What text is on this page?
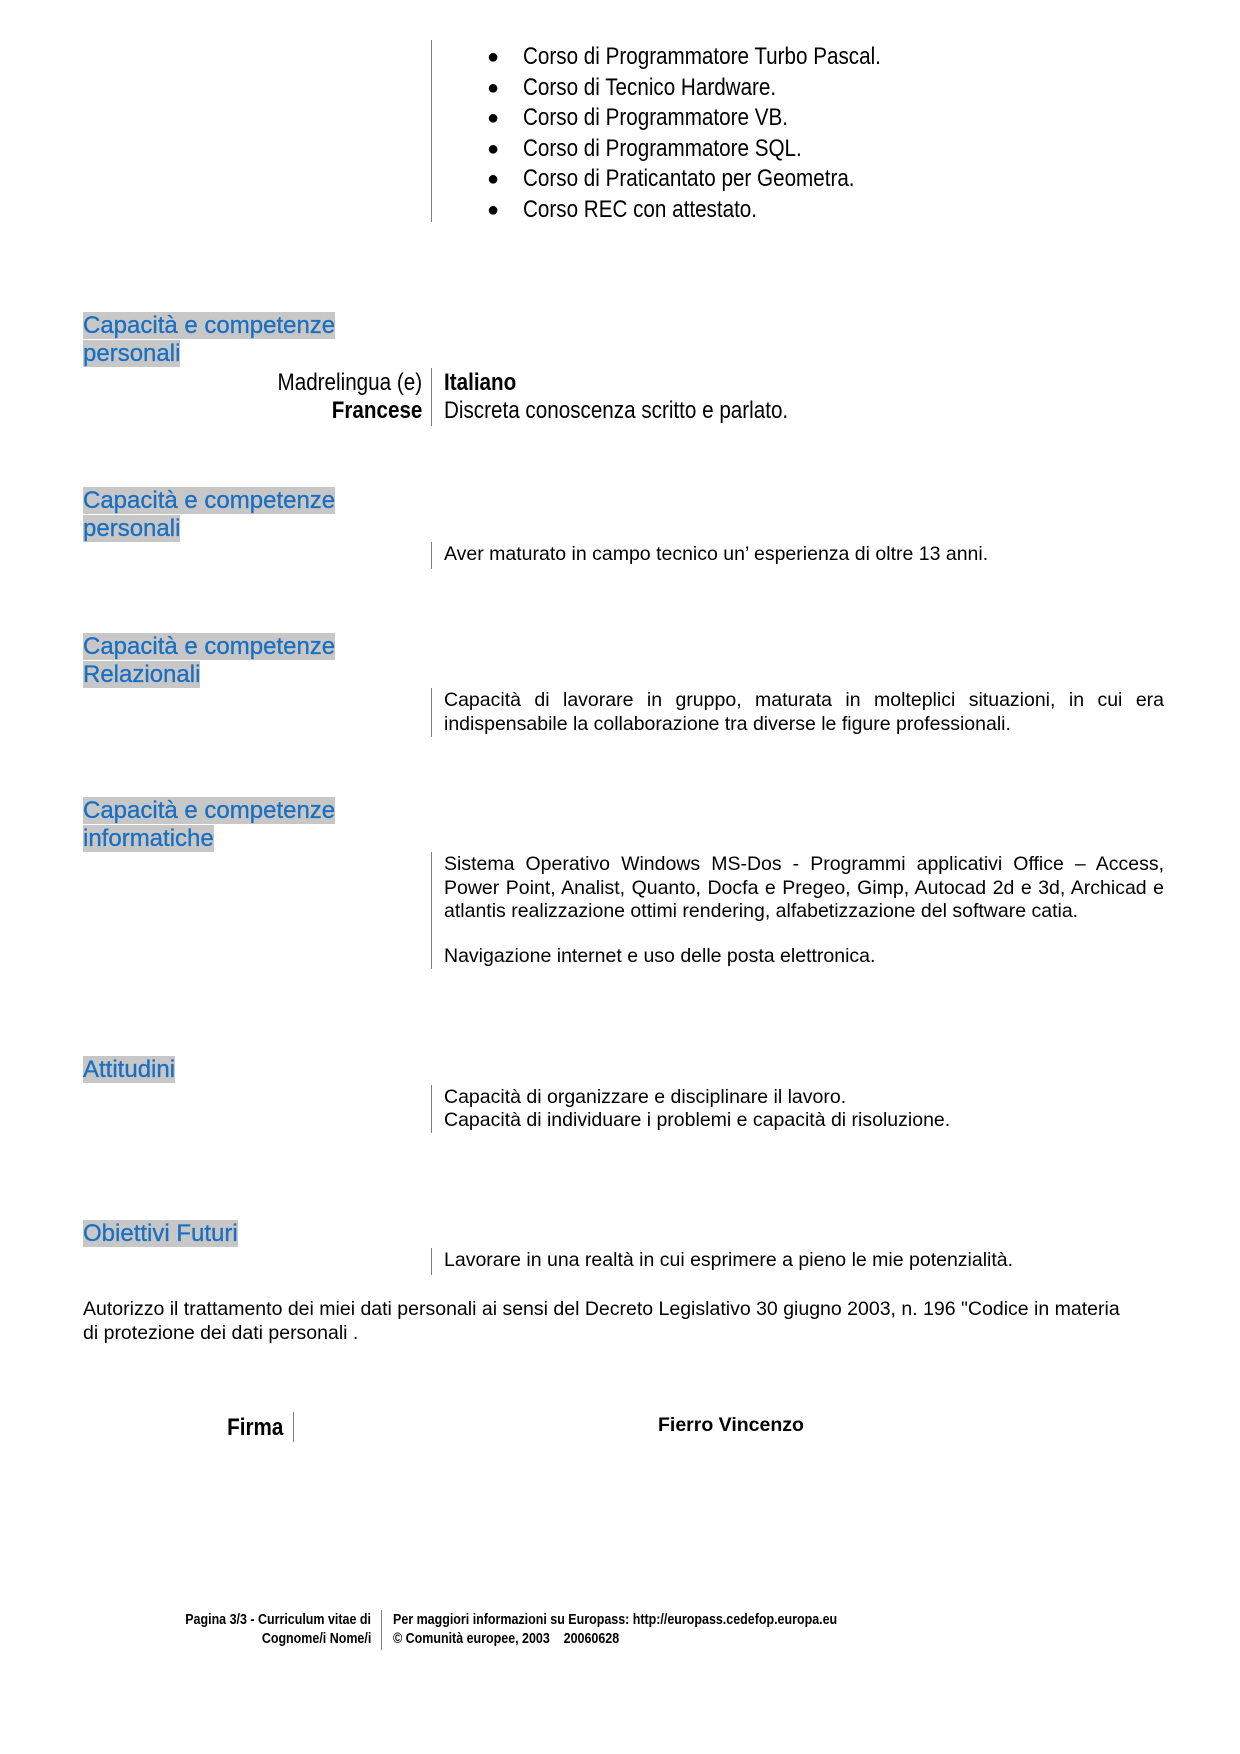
● Corso di Programmatore Turbo Pascal.
● Corso di Tecnico Hardware.
● Corso di Programmatore VB.
● Corso di Programmatore SQL.
● Corso di Praticantato per Geometra.
● Corso REC con attestato.
Capacità e competenze
personali
Madrelingua (e) Italiano
Francese Discreta conoscenza scritto e parlato.
Capacità e competenze
personali
Aver maturato in campo tecnico un’ esperienza di oltre 13 anni.
Capacità e competenze
Relazionali
Capacità di lavorare in gruppo, maturata in molteplici situazioni, in cui era indispensabile la collaborazione tra diverse le figure professionali.
Capacità e competenze
informatiche
Sistema Operativo Windows MS-Dos - Programmi applicativi Office – Access, Power Point, Analist, Quanto, Docfa e Pregeo, Gimp, Autocad 2d e 3d, Archicad e atlantis realizzazione ottimi rendering, alfabetizzazione del software catia.
Navigazione internet e uso delle posta elettronica.
Attitudini
Capacità di organizzare e disciplinare il lavoro.
Capacità di individuare i problemi e capacità di risoluzione.
Obiettivi Futuri
Lavorare in una realtà in cui esprimere a pieno le mie potenzialità.
Autorizzo il trattamento dei miei dati personali ai sensi del Decreto Legislativo 30 giugno 2003, n. 196 "Codice in materia di protezione dei dati personali .
Firma	Fierro Vincenzo
Pagina 3/3 - Curriculum vitae di
Cognome/i Nome/i
Per maggiori informazioni su Europass: http://europass.cedefop.europa.eu
© Comunità europee, 2003    20060628
